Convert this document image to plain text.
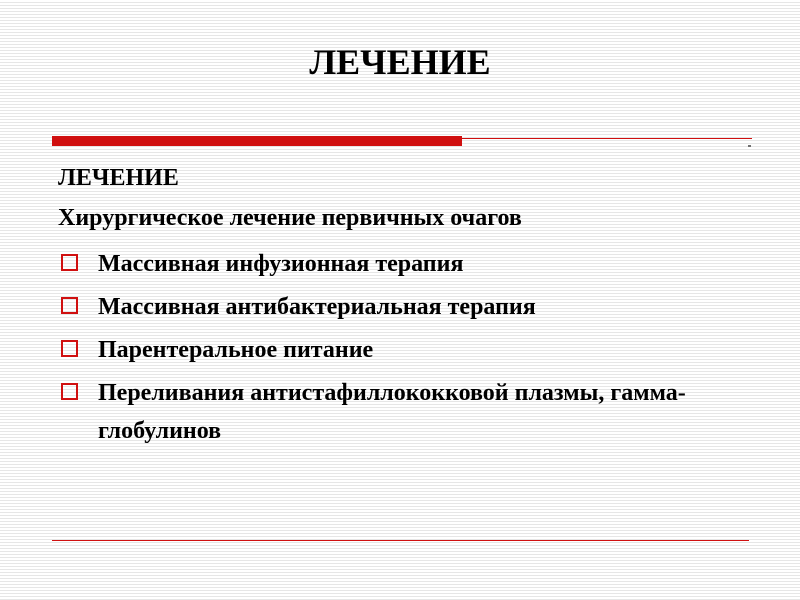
ЛЕЧЕНИЕ
ЛЕЧЕНИЕ
Хирургическое лечение первичных очагов
Массивная инфузионная терапия
Массивная антибактериальная терапия
Парентеральное питание
Переливания антистафиллококковой плазмы, гамма-глобулинов
